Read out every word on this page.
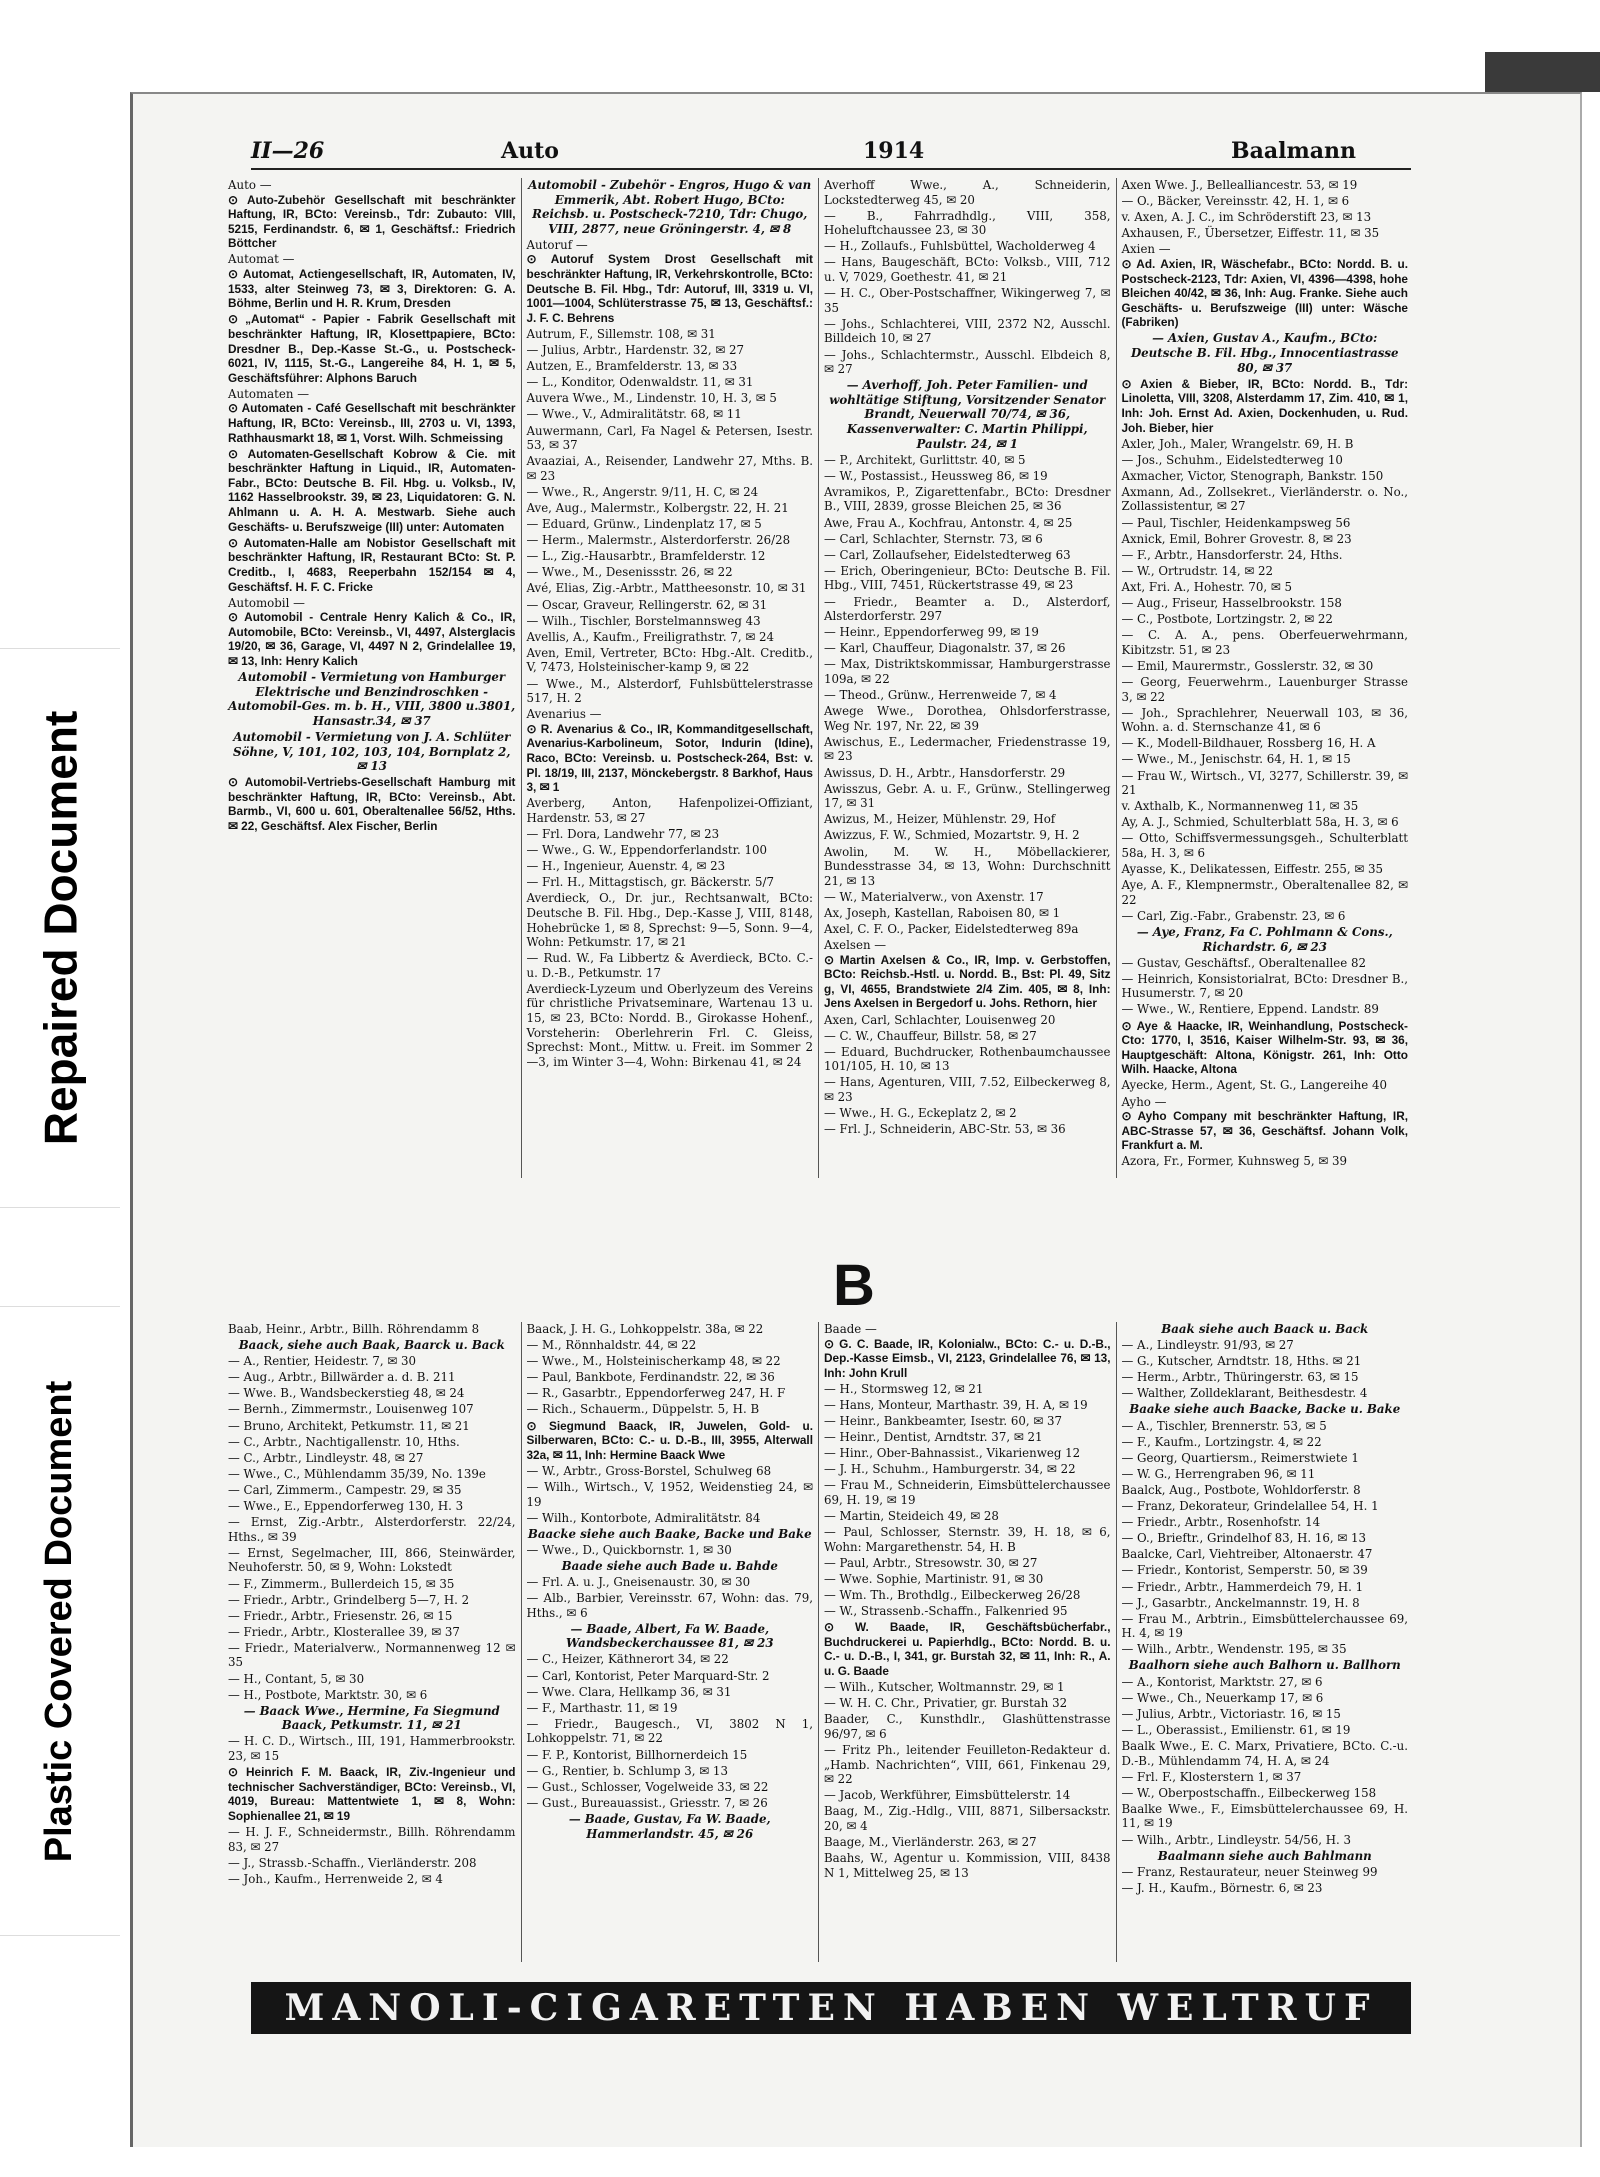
Repaired Document
Plastic Covered Document
II—26	Auto	1914	Baalmann

Auto —

⊙ Auto-Zubehör Gesellschaft mit beschränkter Haftung, IR, BCto: Vereinsb., Tdr: Zubauto: VIII, 5215, Ferdinandstr. 6, ✉ 1, Geschäftsf.: Friedrich Böttcher

Automat —

⊙ Automat, Actiengesellschaft, IR, Automaten, IV, 1533, alter Steinweg 73, ✉ 3, Direktoren: G. A. Böhme, Berlin und H. R. Krum, Dresden

⊙ „Automat“ - Papier - Fabrik Gesellschaft mit beschränkter Haftung, IR, Klosettpapiere, BCto: Dresdner B., Dep.-Kasse St.-G., u. Postscheck-6021, IV, 1115, St.-G., Langereihe 84, H. 1, ✉ 5, Geschäftsführer: Alphons Baruch

Automaten —

⊙ Automaten - Café Gesellschaft mit beschränkter Haftung, IR, BCto: Vereinsb., III, 2703 u. VI, 1393, Rathhausmarkt 18, ✉ 1, Vorst. Wilh. Schmeissing

⊙ Automaten-Gesellschaft Kobrow & Cie. mit beschränkter Haftung in Liquid., IR, Automaten-Fabr., BCto: Deutsche B. Fil. Hbg. u. Volksb., IV, 1162 Hasselbrookstr. 39, ✉ 23, Liquidatoren: G. N. Ahlmann u. A. H. A. Mestwarb. Siehe auch Geschäfts- u. Berufszweige (III) unter: Automaten

⊙ Automaten-Halle am Nobistor Gesellschaft mit beschränkter Haftung, IR, Restaurant BCto: St. P. Creditb., I, 4683, Reeperbahn 152/154 ✉ 4, Geschäftsf. H. F. C. Fricke

Automobil —

⊙ Automobil - Centrale Henry Kalich & Co., IR, Automobile, BCto: Vereinsb., VI, 4497, Alsterglacis 19/20, ✉ 36, Garage, VI, 4497 N 2, Grindelallee 19, ✉ 13, Inh: Henry Kalich

Automobil - Vermietung von Hamburger Elektrische und Benzindroschken - Automobil-Ges. m. b. H., VIII, 3800 u.3801, Hansastr.34, ✉ 37

Automobil - Vermietung von J. A. Schlüter Söhne, V, 101, 102, 103, 104, Bornplatz 2, ✉ 13

⊙ Automobil-Vertriebs-Gesellschaft Hamburg mit beschränkter Haftung, IR, BCto: Vereinsb., Abt. Barmb., VI, 600 u. 601, Oberaltenallee 56/52, Hths. ✉ 22, Geschäftsf. Alex Fischer, Berlin

Automobil - Zubehör - Engros, Hugo & van Emmerik, Abt. Robert Hugo, BCto: Reichsb. u. Postscheck-7210, Tdr: Chugo, VIII, 2877, neue Gröningerstr. 4, ✉ 8

Autoruf —

⊙ Autoruf System Drost Gesellschaft mit beschränkter Haftung, IR, Verkehrskontrolle, BCto: Deutsche B. Fil. Hbg., Tdr: Autoruf, III, 3319 u. VI, 1001—1004, Schlüterstrasse 75, ✉ 13, Geschäftsf.: J. F. C. Behrens

Autrum, F., Sillemstr. 108, ✉ 31

— Julius, Arbtr., Hardenstr. 32, ✉ 27

Autzen, E., Bramfelderstr. 13, ✉ 33

— L., Konditor, Odenwaldstr. 11, ✉ 31

Auvera Wwe., M., Lindenstr. 10, H. 3, ✉ 5

— Wwe., V., Admiralitätstr. 68, ✉ 11

Auwermann, Carl, Fa Nagel & Petersen, Isestr. 53, ✉ 37

Avaaziai, A., Reisender, Landwehr 27, Mths. B. ✉ 23

— Wwe., R., Angerstr. 9/11, H. C, ✉ 24

Ave, Aug., Malermstr., Kolbergstr. 22, H. 21

— Eduard, Grünw., Lindenplatz 17, ✉ 5

— Herm., Malermstr., Alsterdorferstr. 26/28

— L., Zig.-Hausarbtr., Bramfelderstr. 12

— Wwe., M., Desenissstr. 26, ✉ 22

Avé, Elias, Zig.-Arbtr., Mattheesonstr. 10, ✉ 31

— Oscar, Graveur, Rellingerstr. 62, ✉ 31

— Wilh., Tischler, Borstelmannsweg 43

Avellis, A., Kaufm., Freiligrathstr. 7, ✉ 24

Aven, Emil, Vertreter, BCto: Hbg.-Alt. Creditb., V, 7473, Holsteinischer-kamp 9, ✉ 22

— Wwe., M., Alsterdorf, Fuhlsbüttelerstrasse 517, H. 2

Avenarius —

⊙ R. Avenarius & Co., IR, Kommanditgesellschaft, Avenarius-Karbolineum, Sotor, Indurin (Idine), Raco, BCto: Vereinsb. u. Postscheck-264, Bst: v. Pl. 18/19, III, 2137, Mönckebergstr. 8 Barkhof, Haus 3, ✉ 1

Averberg, Anton, Hafenpolizei-Offiziant, Hardenstr. 53, ✉ 27

— Frl. Dora, Landwehr 77, ✉ 23

— Wwe., G. W., Eppendorferlandstr. 100

— H., Ingenieur, Auenstr. 4, ✉ 23

— Frl. H., Mittagstisch, gr. Bäckerstr. 5/7

Averdieck, O., Dr. jur., Rechtsanwalt, BCto: Deutsche B. Fil. Hbg., Dep.-Kasse J, VIII, 8148, Hohebrücke 1, ✉ 8, Sprechst: 9—5, Sonn. 9—4, Wohn: Petkumstr. 17, ✉ 21

— Rud. W., Fa Libbertz & Averdieck, BCto. C.- u. D.-B., Petkumstr. 17

Averdieck-Lyzeum und Oberlyzeum des Vereins für christliche Privatseminare, Wartenau 13 u. 15, ✉ 23, BCto: Nordd. B., Girokasse Hohenf., Vorsteherin: Oberlehrerin Frl. C. Gleiss, Sprechst: Mont., Mittw. u. Freit. im Sommer 2—3, im Winter 3—4, Wohn: Birkenau 41, ✉ 24

Averhoff Wwe., A., Schneiderin, Lockstedterweg 45, ✉ 20

— B., Fahrradhdlg., VIII, 358, Hoheluftchaussee 23, ✉ 30

— H., Zollaufs., Fuhlsbüttel, Wacholderweg 4

— Hans, Baugeschäft, BCto: Volksb., VIII, 712 u. V, 7029, Goethestr. 41, ✉ 21

— H. C., Ober-Postschaffner, Wikingerweg 7, ✉ 35

— Johs., Schlachterei, VIII, 2372 N2, Ausschl. Billdeich 10, ✉ 27

— Johs., Schlachtermstr., Ausschl. Elbdeich 8, ✉ 27

— Averhoff, Joh. Peter Familien- und wohltätige Stiftung, Vorsitzender Senator Brandt, Neuerwall 70/74, ✉ 36, Kassenverwalter: C. Martin Philippi, Paulstr. 24, ✉ 1

— P., Architekt, Gurlittstr. 40, ✉ 5

— W., Postassist., Heussweg 86, ✉ 19

Avramikos, P., Zigarettenfabr., BCto: Dresdner B., VIII, 2839, grosse Bleichen 25, ✉ 36

Awe, Frau A., Kochfrau, Antonstr. 4, ✉ 25

— Carl, Schlachter, Sternstr. 73, ✉ 6

— Carl, Zollaufseher, Eidelstedterweg 63

— Erich, Oberingenieur, BCto: Deutsche B. Fil. Hbg., VIII, 7451, Rückertstrasse 49, ✉ 23

— Friedr., Beamter a. D., Alsterdorf, Alsterdorferstr. 297

— Heinr., Eppendorferweg 99, ✉ 19

— Karl, Chauffeur, Diagonalstr. 37, ✉ 26

— Max, Distriktskommissar, Hamburgerstrasse 109a, ✉ 22

— Theod., Grünw., Herrenweide 7, ✉ 4

Awege Wwe., Dorothea, Ohlsdorferstrasse, Weg Nr. 197, Nr. 22, ✉ 39

Awischus, E., Ledermacher, Friedenstrasse 19, ✉ 23

Awissus, D. H., Arbtr., Hansdorferstr. 29

Awisszus, Gebr. A. u. F., Grünw., Stellingerweg 17, ✉ 31

Awizus, M., Heizer, Mühlenstr. 29, Hof

Awizzus, F. W., Schmied, Mozartstr. 9, H. 2

Awolin, M. W. H., Möbellackierer, Bundesstrasse 34, ✉ 13, Wohn: Durchschnitt 21, ✉ 13

— W., Materialverw., von Axenstr. 17

Ax, Joseph, Kastellan, Raboisen 80, ✉ 1

Axel, C. F. O., Packer, Eidelstedterweg 89a

Axelsen —

⊙ Martin Axelsen & Co., IR, Imp. v. Gerbstoffen, BCto: Reichsb.-Hstl. u. Nordd. B., Bst: Pl. 49, Sitz g, VI, 4655, Brandstwiete 2/4 Zim. 405, ✉ 8, Inh: Jens Axelsen in Bergedorf u. Johs. Rethorn, hier

Axen, Carl, Schlachter, Louisenweg 20

— C. W., Chauffeur, Billstr. 58, ✉ 27

— Eduard, Buchdrucker, Rothenbaumchaussee 101/105, H. 10, ✉ 13

— Hans, Agenturen, VIII, 7.52, Eilbeckerweg 8, ✉ 23

— Wwe., H. G., Eckeplatz 2, ✉ 2

— Frl. J., Schneiderin, ABC-Str. 53, ✉ 36

Axen Wwe. J., Bellealliancestr. 53, ✉ 19

— O., Bäcker, Vereinsstr. 42, H. 1, ✉ 6

v. Axen, A. J. C., im Schröderstift 23, ✉ 13

Axhausen, F., Übersetzer, Eiffestr. 11, ✉ 35

Axien —

⊙ Ad. Axien, IR, Wäschefabr., BCto: Nordd. B. u. Postscheck-2123, Tdr: Axien, VI, 4396—4398, hohe Bleichen 40/42, ✉ 36, Inh: Aug. Franke. Siehe auch Geschäfts- u. Berufszweige (III) unter: Wäsche (Fabriken)

— Axien, Gustav A., Kaufm., BCto: Deutsche B. Fil. Hbg., Innocentiastrasse 80, ✉ 37

⊙ Axien & Bieber, IR, BCto: Nordd. B., Tdr: Linoletta, VIII, 3208, Alsterdamm 17, Zim. 410, ✉ 1, Inh: Joh. Ernst Ad. Axien, Dockenhuden, u. Rud. Joh. Bieber, hier

Axler, Joh., Maler, Wrangelstr. 69, H. B

— Jos., Schuhm., Eidelstedterweg 10

Axmacher, Victor, Stenograph, Bankstr. 150

Axmann, Ad., Zollsekret., Vierländerstr. o. No., Zollassistentur, ✉ 27

— Paul, Tischler, Heidenkampsweg 56

Axnick, Emil, Bohrer Grovestr. 8, ✉ 23

— F., Arbtr., Hansdorferstr. 24, Hths.

— W., Ortrudstr. 14, ✉ 22

Axt, Fri. A., Hohestr. 70, ✉ 5

— Aug., Friseur, Hasselbrookstr. 158

— C., Postbote, Lortzingstr. 2, ✉ 22

— C. A. A., pens. Oberfeuerwehrmann, Kibitzstr. 51, ✉ 23

— Emil, Maurermstr., Gosslerstr. 32, ✉ 30

— Georg, Feuerwehrm., Lauenburger Strasse 3, ✉ 22

— Joh., Sprachlehrer, Neuerwall 103, ✉ 36, Wohn. a. d. Sternschanze 41, ✉ 6

— K., Modell-Bildhauer, Rossberg 16, H. A

— Wwe., M., Jenischstr. 64, H. 1, ✉ 15

— Frau W., Wirtsch., VI, 3277, Schillerstr. 39, ✉ 21

v. Axthalb, K., Normannenweg 11, ✉ 35

Ay, A. J., Schmied, Schulterblatt 58a, H. 3, ✉ 6

— Otto, Schiffsvermessungsgeh., Schulterblatt 58a, H. 3, ✉ 6

Ayasse, K., Delikatessen, Eiffestr. 255, ✉ 35

Aye, A. F., Klempnermstr., Oberaltenallee 82, ✉ 22

— Carl, Zig.-Fabr., Grabenstr. 23, ✉ 6

— Aye, Franz, Fa C. Pohlmann & Cons., Richardstr. 6, ✉ 23

— Gustav, Geschäftsf., Oberaltenallee 82

— Heinrich, Konsistorialrat, BCto: Dresdner B., Husumerstr. 7, ✉ 20

— Wwe., W., Rentiere, Eppend. Landstr. 89

⊙ Aye & Haacke, IR, Weinhandlung, Postscheck-Cto: 1770, I, 3516, Kaiser Wilhelm-Str. 93, ✉ 36, Hauptgeschäft: Altona, Königstr. 261, Inh: Otto Wilh. Haacke, Altona

Ayecke, Herm., Agent, St. G., Langereihe 40

Ayho —

⊙ Ayho Company mit beschränkter Haftung, IR, ABC-Strasse 57, ✉ 36, Geschäftsf. Johann Volk, Frankfurt a. M.

Azora, Fr., Former, Kuhnsweg 5, ✉ 39

B

Baab, Heinr., Arbtr., Billh. Röhrendamm 8

Baack, siehe auch Baak, Baarck u. Back

— A., Rentier, Heidestr. 7, ✉ 30

— Aug., Arbtr., Billwärder a. d. B. 211

— Wwe. B., Wandsbeckerstieg 48, ✉ 24

— Bernh., Zimmermstr., Louisenweg 107

— Bruno, Architekt, Petkumstr. 11, ✉ 21

— C., Arbtr., Nachtigallenstr. 10, Hths.

— C., Arbtr., Lindleystr. 48, ✉ 27

— Wwe., C., Mühlendamm 35/39, No. 139e

— Carl, Zimmerm., Campestr. 29, ✉ 35

— Wwe., E., Eppendorferweg 130, H. 3

— Ernst, Zig.-Arbtr., Alsterdorferstr. 22/24, Hths., ✉ 39

— Ernst, Segelmacher, III, 866, Steinwärder, Neuhoferstr. 50, ✉ 9, Wohn: Lokstedt

— F., Zimmerm., Bullerdeich 15, ✉ 35

— Friedr., Arbtr., Grindelberg 5—7, H. 2

— Friedr., Arbtr., Friesenstr. 26, ✉ 15

— Friedr., Arbtr., Klosterallee 39, ✉ 37

— Friedr., Materialverw., Normannenweg 12 ✉ 35

— H., Contant, 5, ✉ 30

— H., Postbote, Marktstr. 30, ✉ 6

— Baack Wwe., Hermine, Fa Siegmund Baack, Petkumstr. 11, ✉ 21

— H. C. D., Wirtsch., III, 191, Hammerbrookstr. 23, ✉ 15

⊙ Heinrich F. M. Baack, IR, Ziv.-Ingenieur und technischer Sachverständiger, BCto: Vereinsb., VI, 4019, Bureau: Mattentwiete 1, ✉ 8, Wohn: Sophienallee 21, ✉ 19

— H. J. F., Schneidermstr., Billh. Röhrendamm 83, ✉ 27

— J., Strassb.-Schaffn., Vierländerstr. 208

— Joh., Kaufm., Herrenweide 2, ✉ 4

Baack, J. H. G., Lohkoppelstr. 38a, ✉ 22

— M., Rönnhaldstr. 44, ✉ 22

— Wwe., M., Holsteinischerkamp 48, ✉ 22

— Paul, Bankbote, Ferdinandstr. 22, ✉ 36

— R., Gasarbtr., Eppendorferweg 247, H. F

— Rich., Schauerm., Düppelstr. 5, H. B

⊙ Siegmund Baack, IR, Juwelen, Gold- u. Silberwaren, BCto: C.- u. D.-B., III, 3955, Alterwall 32a, ✉ 11, Inh: Hermine Baack Wwe

— W., Arbtr., Gross-Borstel, Schulweg 68

— Wilh., Wirtsch., V, 1952, Weidenstieg 24, ✉ 19

— Wilh., Kontorbote, Admiralitätstr. 84

Baacke siehe auch Baake, Backe und Bake

— Wwe., D., Quickbornstr. 1, ✉ 30

Baade siehe auch Bade u. Bahde

— Frl. A. u. J., Gneisenaustr. 30, ✉ 30

— Alb., Barbier, Vereinsstr. 67, Wohn: das. 79, Hths., ✉ 6

— Baade, Albert, Fa W. Baade, Wandsbeckerchaussee 81, ✉ 23

— C., Heizer, Käthnerort 34, ✉ 22

— Carl, Kontorist, Peter Marquard-Str. 2

— Wwe. Clara, Hellkamp 36, ✉ 31

— F., Marthastr. 11, ✉ 19

— Friedr., Baugesch., VI, 3802 N 1, Lohkoppelstr. 71, ✉ 22

— F. P., Kontorist, Billhornerdeich 15

— G., Rentier, b. Schlump 3, ✉ 13

— Gust., Schlosser, Vogelweide 33, ✉ 22

— Gust., Bureauassist., Griesstr. 7, ✉ 26

— Baade, Gustav, Fa W. Baade, Hammerlandstr. 45, ✉ 26

Baade —

⊙ G. C. Baade, IR, Kolonialw., BCto: C.- u. D.-B., Dep.-Kasse Eimsb., VI, 2123, Grindelallee 76, ✉ 13, Inh: John Krull

— H., Stormsweg 12, ✉ 21

— Hans, Monteur, Marthastr. 39, H. A, ✉ 19

— Heinr., Bankbeamter, Isestr. 60, ✉ 37

— Heinr., Dentist, Arndtstr. 37, ✉ 21

— Hinr., Ober-Bahnassist., Vikarienweg 12

— J. H., Schuhm., Hamburgerstr. 34, ✉ 22

— Frau M., Schneiderin, Eimsbüttelerchaussee 69, H. 19, ✉ 19

— Martin, Steideich 49, ✉ 28

— Paul, Schlosser, Sternstr. 39, H. 18, ✉ 6, Wohn: Margarethenstr. 54, H. B

— Paul, Arbtr., Stresowstr. 30, ✉ 27

— Wwe. Sophie, Martinistr. 91, ✉ 30

— Wm. Th., Brothdlg., Eilbeckerweg 26/28

— W., Strassenb.-Schaffn., Falkenried 95

⊙ W. Baade, IR, Geschäftsbücherfabr., Buchdruckerei u. Papierhdlg., BCto: Nordd. B. u. C.- u. D.-B., I, 341, gr. Burstah 32, ✉ 11, Inh: R., A. u. G. Baade

— Wilh., Kutscher, Woltmannstr. 29, ✉ 1

— W. H. C. Chr., Privatier, gr. Burstah 32

Baader, C., Kunsthdlr., Glashüttenstrasse 96/97, ✉ 6

— Fritz Ph., leitender Feuilleton-Redakteur d. „Hamb. Nachrichten“, VIII, 661, Finkenau 29, ✉ 22

— Jacob, Werkführer, Eimsbüttelerstr. 14

Baag, M., Zig.-Hdlg., VIII, 8871, Silbersackstr. 20, ✉ 4

Baage, M., Vierländerstr. 263, ✉ 27

Baahs, W., Agentur u. Kommission, VIII, 8438 N 1, Mittelweg 25, ✉ 13

Baak siehe auch Baack u. Back

— A., Lindleystr. 91/93, ✉ 27

— G., Kutscher, Arndtstr. 18, Hths. ✉ 21

— Herm., Arbtr., Thüringerstr. 63, ✉ 15

— Walther, Zolldeklarant, Beithesdestr. 4

Baake siehe auch Baacke, Backe u. Bake

— A., Tischler, Brennerstr. 53, ✉ 5

— F., Kaufm., Lortzingstr. 4, ✉ 22

— Georg, Quartiersm., Reimerstwiete 1

— W. G., Herrengraben 96, ✉ 11

Baalck, Aug., Postbote, Wohldorferstr. 8

— Franz, Dekorateur, Grindelallee 54, H. 1

— Friedr., Arbtr., Rosenhofstr. 14

— O., Brieftr., Grindelhof 83, H. 16, ✉ 13

Baalcke, Carl, Viehtreiber, Altonaerstr. 47

— Friedr., Kontorist, Semperstr. 50, ✉ 39

— Friedr., Arbtr., Hammerdeich 79, H. 1

— J., Gasarbtr., Anckelmannstr. 19, H. 8

— Frau M., Arbtrin., Eimsbüttelerchaussee 69, H. 4, ✉ 19

— Wilh., Arbtr., Wendenstr. 195, ✉ 35

Baalhorn siehe auch Balhorn u. Ballhorn

— A., Kontorist, Marktstr. 27, ✉ 6

— Wwe., Ch., Neuerkamp 17, ✉ 6

— Julius, Arbtr., Victoriastr. 16, ✉ 15

— L., Oberassist., Emilienstr. 61, ✉ 19

Baalk Wwe., E. C. Marx, Privatiere, BCto. C.-u. D.-B., Mühlendamm 74, H. A, ✉ 24

— Frl. F., Klosterstern 1, ✉ 37

— W., Oberpostschaffn., Eilbeckerweg 158

Baalke Wwe., F., Eimsbüttelerchaussee 69, H. 11, ✉ 19

— Wilh., Arbtr., Lindleystr. 54/56, H. 3

Baalmann siehe auch Bahlmann

— Franz, Restaurateur, neuer Steinweg 99

— J. H., Kaufm., Börnestr. 6, ✉ 23

MANOLI-CIGARETTEN HABEN WELTRUF
